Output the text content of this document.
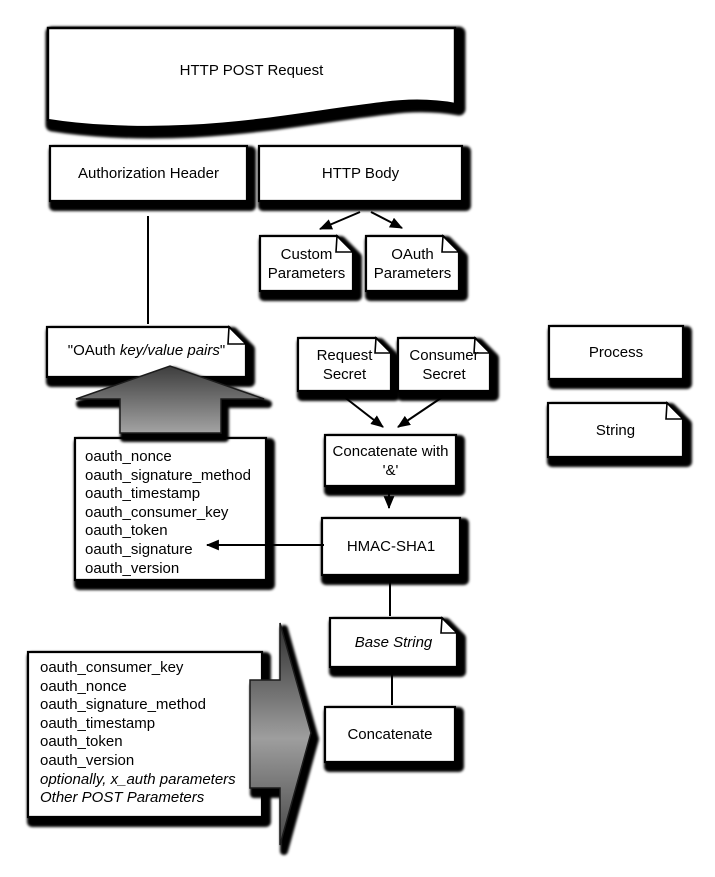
HTTP POST Request
Authorization Header	HTTP Body
Custom Parameters
OAuth Parameters
"OAuth key/value pairs "	Request Secret
Consumer Secret
Concatenate with
'&'
HMAC-SHA1
Base String
Concatenate
Process
String
oauth_nonce
oauth_signature_method
oauth_timestamp
oauth_consumer_key
oauth_token
oauth_signature
oauth_version
oauth_consumer_key
oauth_nonce
oauth_signature_method
oauth_timestamp
oauth_token
oauth_version
optionally, x_auth parameters
Other POST Parameters
